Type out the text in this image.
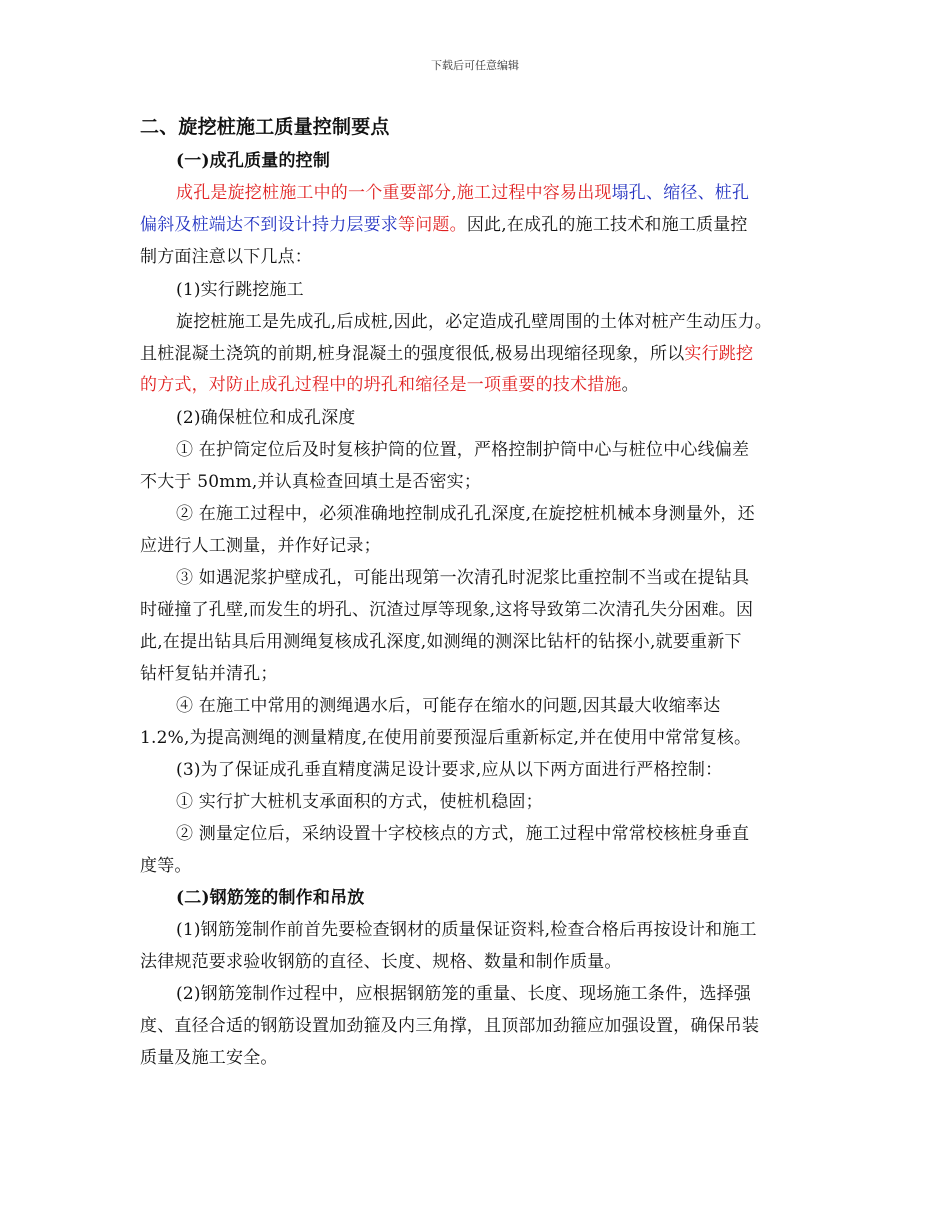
下载后可任意编辑
二、旋挖桩施工质量控制要点
(一)成孔质量的控制
成孔是旋挖桩施工中的一个重要部分,施工过程中容易出现塌孔、缩径、桩孔
偏斜及桩端达不到设计持力层要求等问题。因此,在成孔的施工技术和施工质量控
制方面注意以下几点：
(1)实行跳挖施工
旋挖桩施工是先成孔,后成桩,因此，必定造成孔壁周围的土体对桩产生动压力。
且桩混凝土浇筑的前期,桩身混凝土的强度很低,极易出现缩径现象，所以实行跳挖
的方式，对防止成孔过程中的坍孔和缩径是一项重要的技术措施。
(2)确保桩位和成孔深度
① 在护筒定位后及时复核护筒的位置，严格控制护筒中心与桩位中心线偏差
不大于 50mm,并认真检查回填土是否密实；
② 在施工过程中，必须准确地控制成孔孔深度,在旋挖桩机械本身测量外，还
应进行人工测量，并作好记录；
③ 如遇泥浆护壁成孔，可能出现第一次清孔时泥浆比重控制不当或在提钻具
时碰撞了孔壁,而发生的坍孔、沉渣过厚等现象,这将导致第二次清孔失分困难。因
此,在提出钻具后用测绳复核成孔深度,如测绳的测深比钻杆的钻探小,就要重新下
钻杆复钻并清孔；
④ 在施工中常用的测绳遇水后，可能存在缩水的问题,因其最大收缩率达
1.2%,为提高测绳的测量精度,在使用前要预湿后重新标定,并在使用中常常复核。
(3)为了保证成孔垂直精度满足设计要求,应从以下两方面进行严格控制：
① 实行扩大桩机支承面积的方式，使桩机稳固；
② 测量定位后，采纳设置十字校核点的方式，施工过程中常常校核桩身垂直
度等。
(二)钢筋笼的制作和吊放
(1)钢筋笼制作前首先要检查钢材的质量保证资料,检查合格后再按设计和施工
法律规范要求验收钢筋的直径、长度、规格、数量和制作质量。
(2)钢筋笼制作过程中，应根据钢筋笼的重量、长度、现场施工条件，选择强
度、直径合适的钢筋设置加劲箍及内三角撑，且顶部加劲箍应加强设置，确保吊装
质量及施工安全。
